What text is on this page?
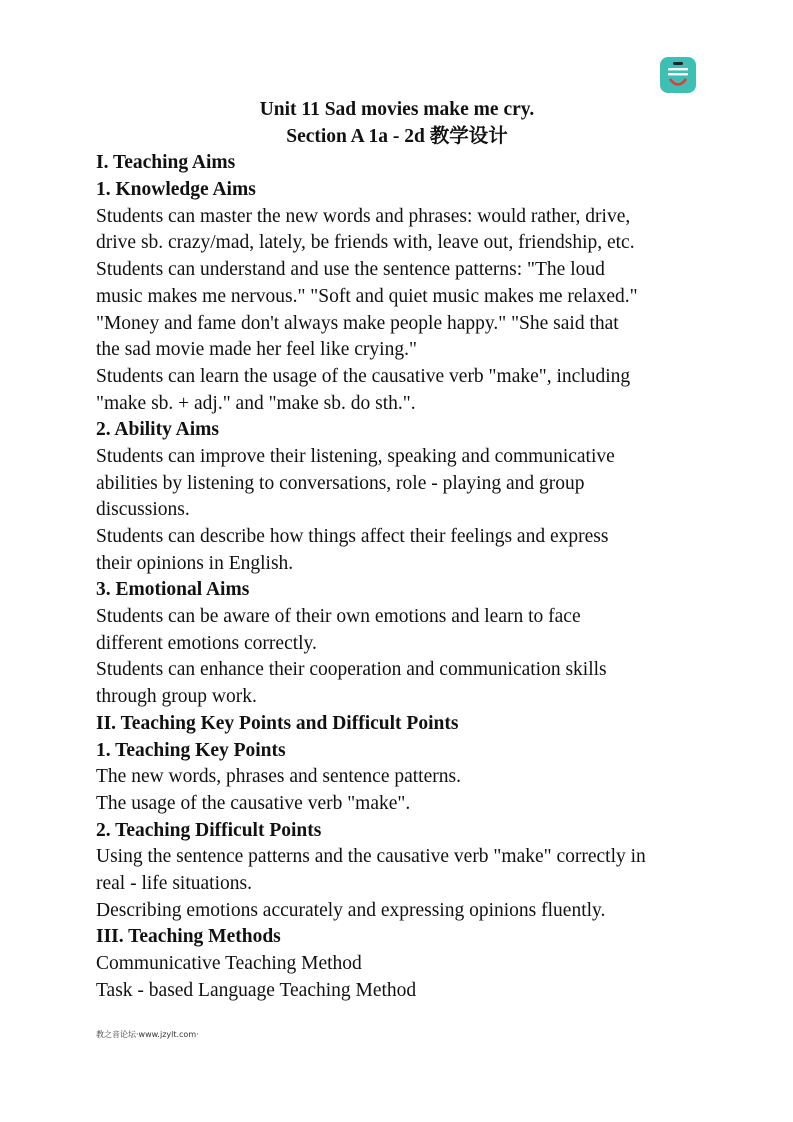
Unit 11 Sad movies make me cry.
Section A 1a - 2d 教学设计
I. Teaching Aims
1. Knowledge Aims
Students can master the new words and phrases: would rather, drive,
drive sb. crazy/mad, lately, be friends with, leave out, friendship, etc.
Students can understand and use the sentence patterns: "The loud
music makes me nervous." "Soft and quiet music makes me relaxed."
"Money and fame don't always make people happy." "She said that
the sad movie made her feel like crying."
Students can learn the usage of the causative verb "make", including
"make sb. + adj." and "make sb. do sth.".
2. Ability Aims
Students can improve their listening, speaking and communicative
abilities by listening to conversations, role - playing and group
discussions.
Students can describe how things affect their feelings and express
their opinions in English.
3. Emotional Aims
Students can be aware of their own emotions and learn to face
different emotions correctly.
Students can enhance their cooperation and communication skills
through group work.
II. Teaching Key Points and Difficult Points
1. Teaching Key Points
The new words, phrases and sentence patterns.
The usage of the causative verb "make".
2. Teaching Difficult Points
Using the sentence patterns and the causative verb "make" correctly in
real - life situations.
Describing emotions accurately and expressing opinions fluently.
III. Teaching Methods
Communicative Teaching Method
Task - based Language Teaching Method
教之音论坛·www.jzylt.com·
